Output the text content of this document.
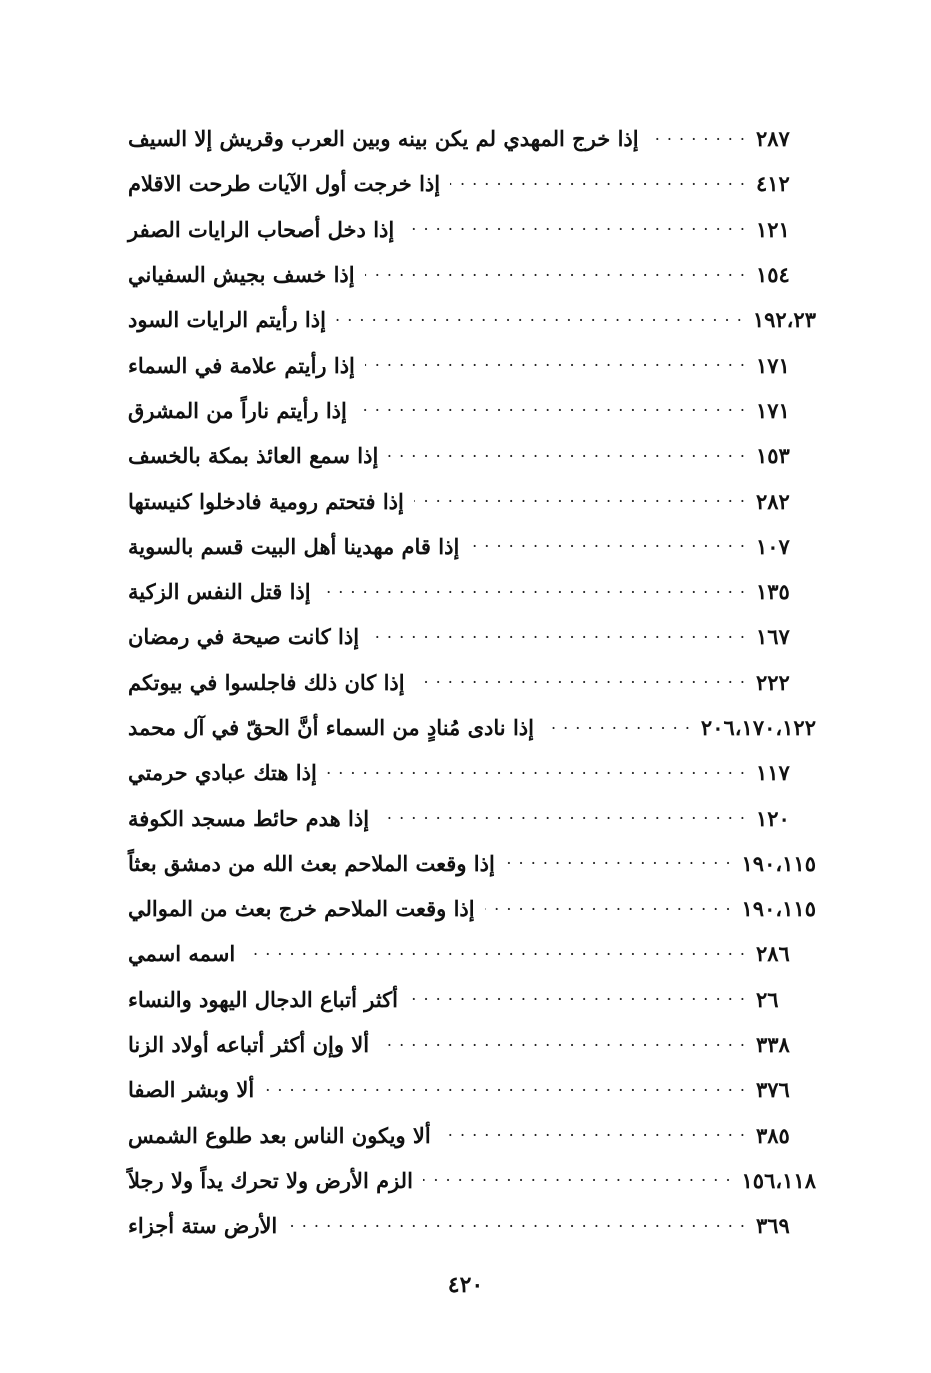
إذا خرج المهدي لم يكن بينه وبين العرب وقريش إلا السيف . . .	٢٨٧
إذا خرجت أول الآيات طرحت الاقلام . . .	٤١٢
إذا دخل أصحاب الرايات الصفر . . .	١٢١
إذا خسف بجيش السفياني . . .	١٥٤
إذا رأيتم الرايات السود . . .	١٩٢،٢٣
إذا رأيتم علامة في السماء . . .	١٧١
إذا رأيتم ناراً من المشرق . . .	١٧١
إذا سمع العائذ بمكة بالخسف . . .	١٥٣
إذا فتحتم رومية فادخلوا كنيستها . . .	٢٨٢
إذا قام مهدينا أهل البيت قسم بالسوية . . .	١٠٧
إذا قتل النفس الزكية . . .	١٣٥
إذا كانت صيحة في رمضان . . .	١٦٧
إذا كان ذلك فاجلسوا في بيوتكم . . .	٢٢٢
إذا نادى مُنادٍ من السماء أنَّ الحقّ في آل محمد . . .	٢٠٦،١٧٠،١٢٢
إذا هتك عبادي حرمتي . . .	١١٧
إذا هدم حائط مسجد الكوفة . . .	١٢٠
إذا وقعت الملاحم بعث الله من دمشق بعثاً . . .	١٩٠،١١٥
إذا وقعت الملاحم خرج بعث من الموالي . . .	١٩٠،١١٥
اسمه اسمي . . .	٢٨٦
أكثر أتباع الدجال اليهود والنساء . . .	٢٦
ألا وإن أكثر أتباعه أولاد الزنا . . .	٣٣٨
ألا وبشر الصفا . . .	٣٧٦
ألا ويكون الناس بعد طلوع الشمس . . .	٣٨٥
الزم الأرض ولا تحرك يداً ولا رجلاً . . .	١٥٦،١١٨
الأرض ستة أجزاء . . .	٣٦٩
٤٢٠
